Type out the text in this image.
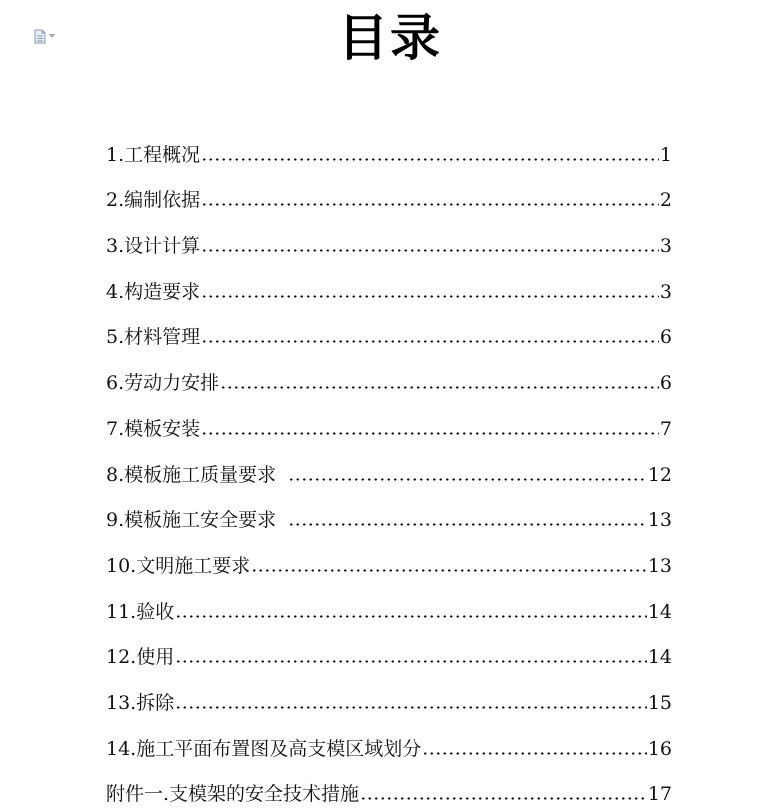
目录
1.工程概况	1
2.编制依据	2
3.设计计算	3
4.构造要求	3
5.材料管理	6
6.劳动力安排	6
7.模板安装	7
8.模板施工质量要求	12
9.模板施工安全要求	13
10.文明施工要求	13
11.验收	14
12.使用	14
13.拆除	15
14.施工平面布置图及高支模区域划分	16
附件一.支模架的安全技术措施	17
